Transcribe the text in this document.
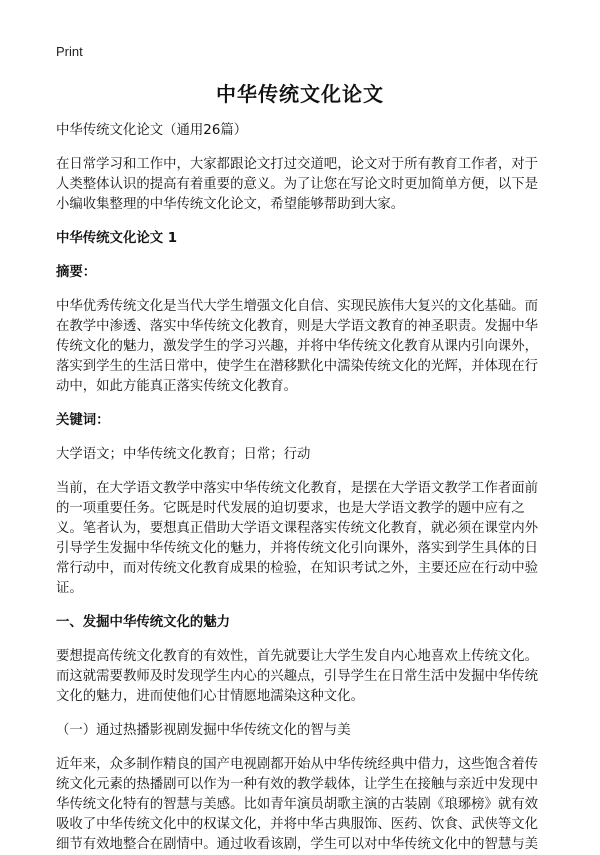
Print
中华传统文化论文

中华传统文化论文（通用26篇）

在日常学习和工作中，大家都跟论文打过交道吧，论文对于所有教育工作者，对于人类整体认识的提高有着重要的意义。为了让您在写论文时更加简单方便，以下是小编收集整理的中华传统文化论文，希望能够帮助到大家。

中华传统文化论文 1

摘要：

中华优秀传统文化是当代大学生增强文化自信、实现民族伟大复兴的文化基础。而在教学中渗透、落实中华传统文化教育，则是大学语文教育的神圣职责。发掘中华传统文化的魅力，激发学生的学习兴趣，并将中华传统文化教育从课内引向课外，落实到学生的生活日常中，使学生在潜移默化中濡染传统文化的光辉，并体现在行动中，如此方能真正落实传统文化教育。

关键词：

大学语文；中华传统文化教育；日常；行动

当前，在大学语文教学中落实中华传统文化教育，是摆在大学语文教学工作者面前的一项重要任务。它既是时代发展的迫切要求，也是大学语文教学的题中应有之义。笔者认为，要想真正借助大学语文课程落实传统文化教育，就必须在课堂内外引导学生发掘中华传统文化的魅力，并将传统文化引向课外，落实到学生具体的日常行动中，而对传统文化教育成果的检验，在知识考试之外，主要还应在行动中验证。

一、发掘中华传统文化的魅力

要想提高传统文化教育的有效性，首先就要让大学生发自内心地喜欢上传统文化。而这就需要教师及时发现学生内心的兴趣点，引导学生在日常生活中发掘中华传统文化的魅力，进而使他们心甘情愿地濡染这种文化。

（一）通过热播影视剧发掘中华传统文化的智与美

近年来，众多制作精良的国产电视剧都开始从中华传统经典中借力，这些饱含着传统文化元素的热播剧可以作为一种有效的教学载体，让学生在接触与亲近中发现中华传统文化特有的智慧与美感。比如青年演员胡歌主演的古装剧《琅琊榜》就有效吸收了中华传统文化中的权谋文化，并将中华古典服饰、医药、饮食、武侠等文化细节有效地整合在剧情中。通过收看该剧，学生可以对中华传统文化中的智慧与美
